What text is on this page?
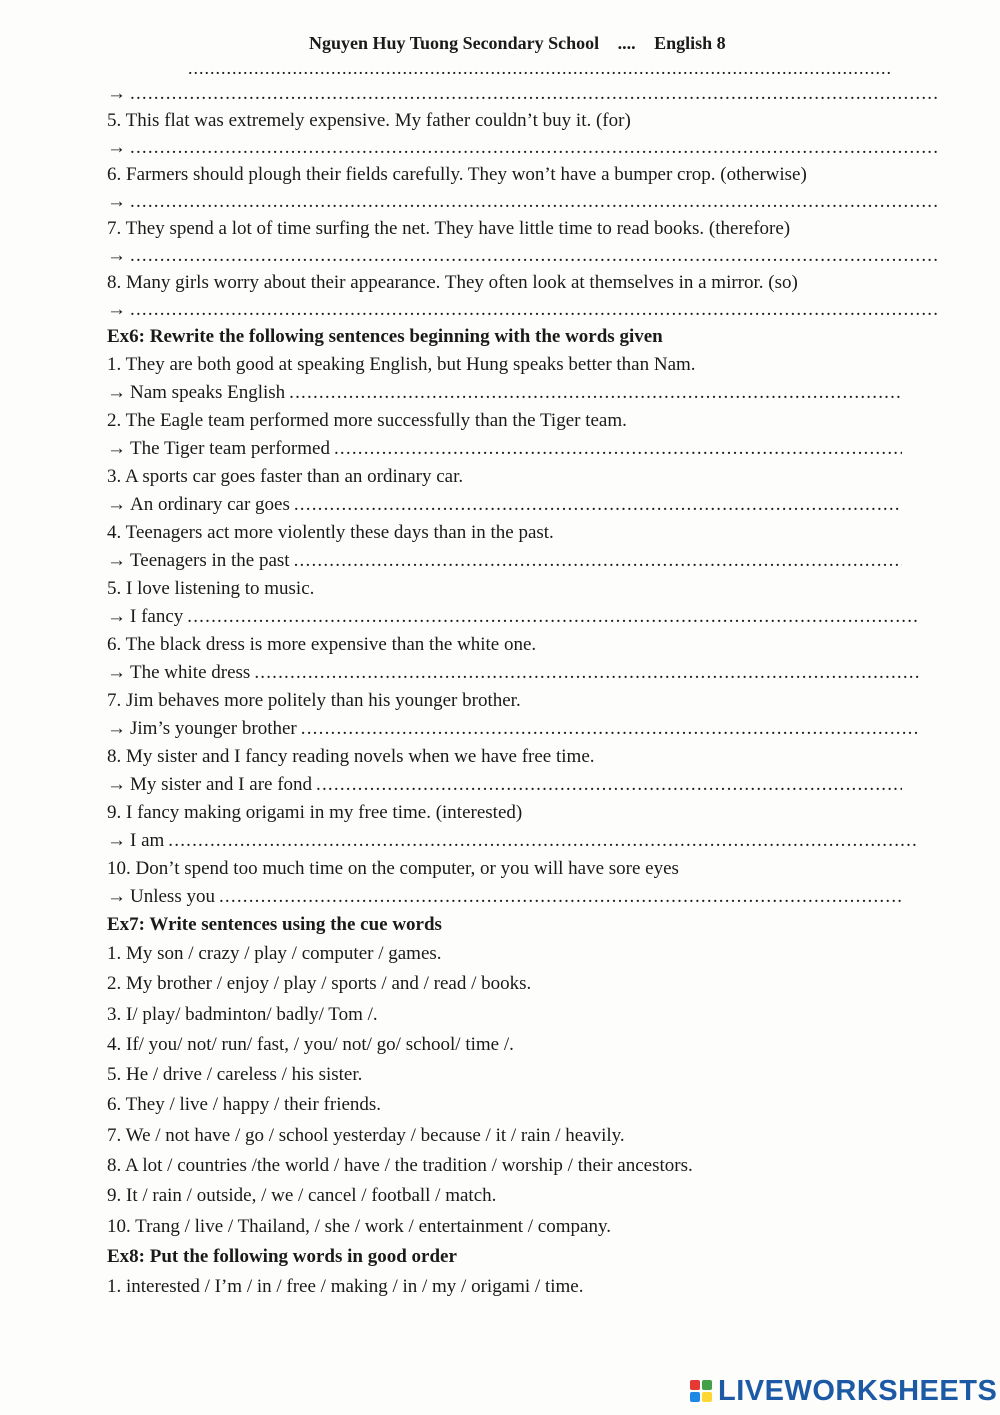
Nguyen Huy Tuong Secondary School .... English 8
................................................................................................................................
→
.....
5. This flat was extremely expensive. My father couldn’t buy it. (for)
→
.....
6. Farmers should plough their fields carefully. They won’t have a bumper crop. (otherwise)
→
.....
7. They spend a lot of time surfing the net. They have little time to read books. (therefore)
→
.....
8. Many girls worry about their appearance. They often look at themselves in a mirror. (so)
→
.....
Ex6: Rewrite the following sentences beginning with the words given
1. They are both good at speaking English, but Hung speaks better than Nam.
→ Nam speaks English
.....
2. The Eagle team performed more successfully than the Tiger team.
→ The Tiger team performed
.....
3. A sports car goes faster than an ordinary car.
→ An ordinary car goes
.....
4. Teenagers act more violently these days than in the past.
→ Teenagers in the past
.....
5. I love listening to music.
→ I fancy
.....
6. The black dress is more expensive than the white one.
→ The white dress
.....
7. Jim behaves more politely than his younger brother.
→ Jim’s younger brother
.....
8. My sister and I fancy reading novels when we have free time.
→ My sister and I are fond
.....
9. I fancy making origami in my free time. (interested)
→ I am
.....
10. Don’t spend too much time on the computer, or you will have sore eyes
→ Unless you
.....
Ex7: Write sentences using the cue words
1. My son / crazy / play / computer / games.
2. My brother / enjoy / play / sports / and / read / books.
3. I/ play/ badminton/ badly/ Tom /.
4. If/ you/ not/ run/ fast, / you/ not/ go/ school/ time /.
5. He / drive / careless / his sister.
6. They / live / happy / their friends.
7. We / not have / go / school yesterday / because / it / rain / heavily.
8. A lot / countries /the world / have / the tradition / worship / their ancestors.
9. It / rain / outside, / we / cancel / football / match.
10. Trang / live / Thailand, / she / work / entertainment / company.
Ex8: Put the following words in good order
1. interested / I’m / in / free / making / in / my / origami / time.
LIVEWORKSHEETS
